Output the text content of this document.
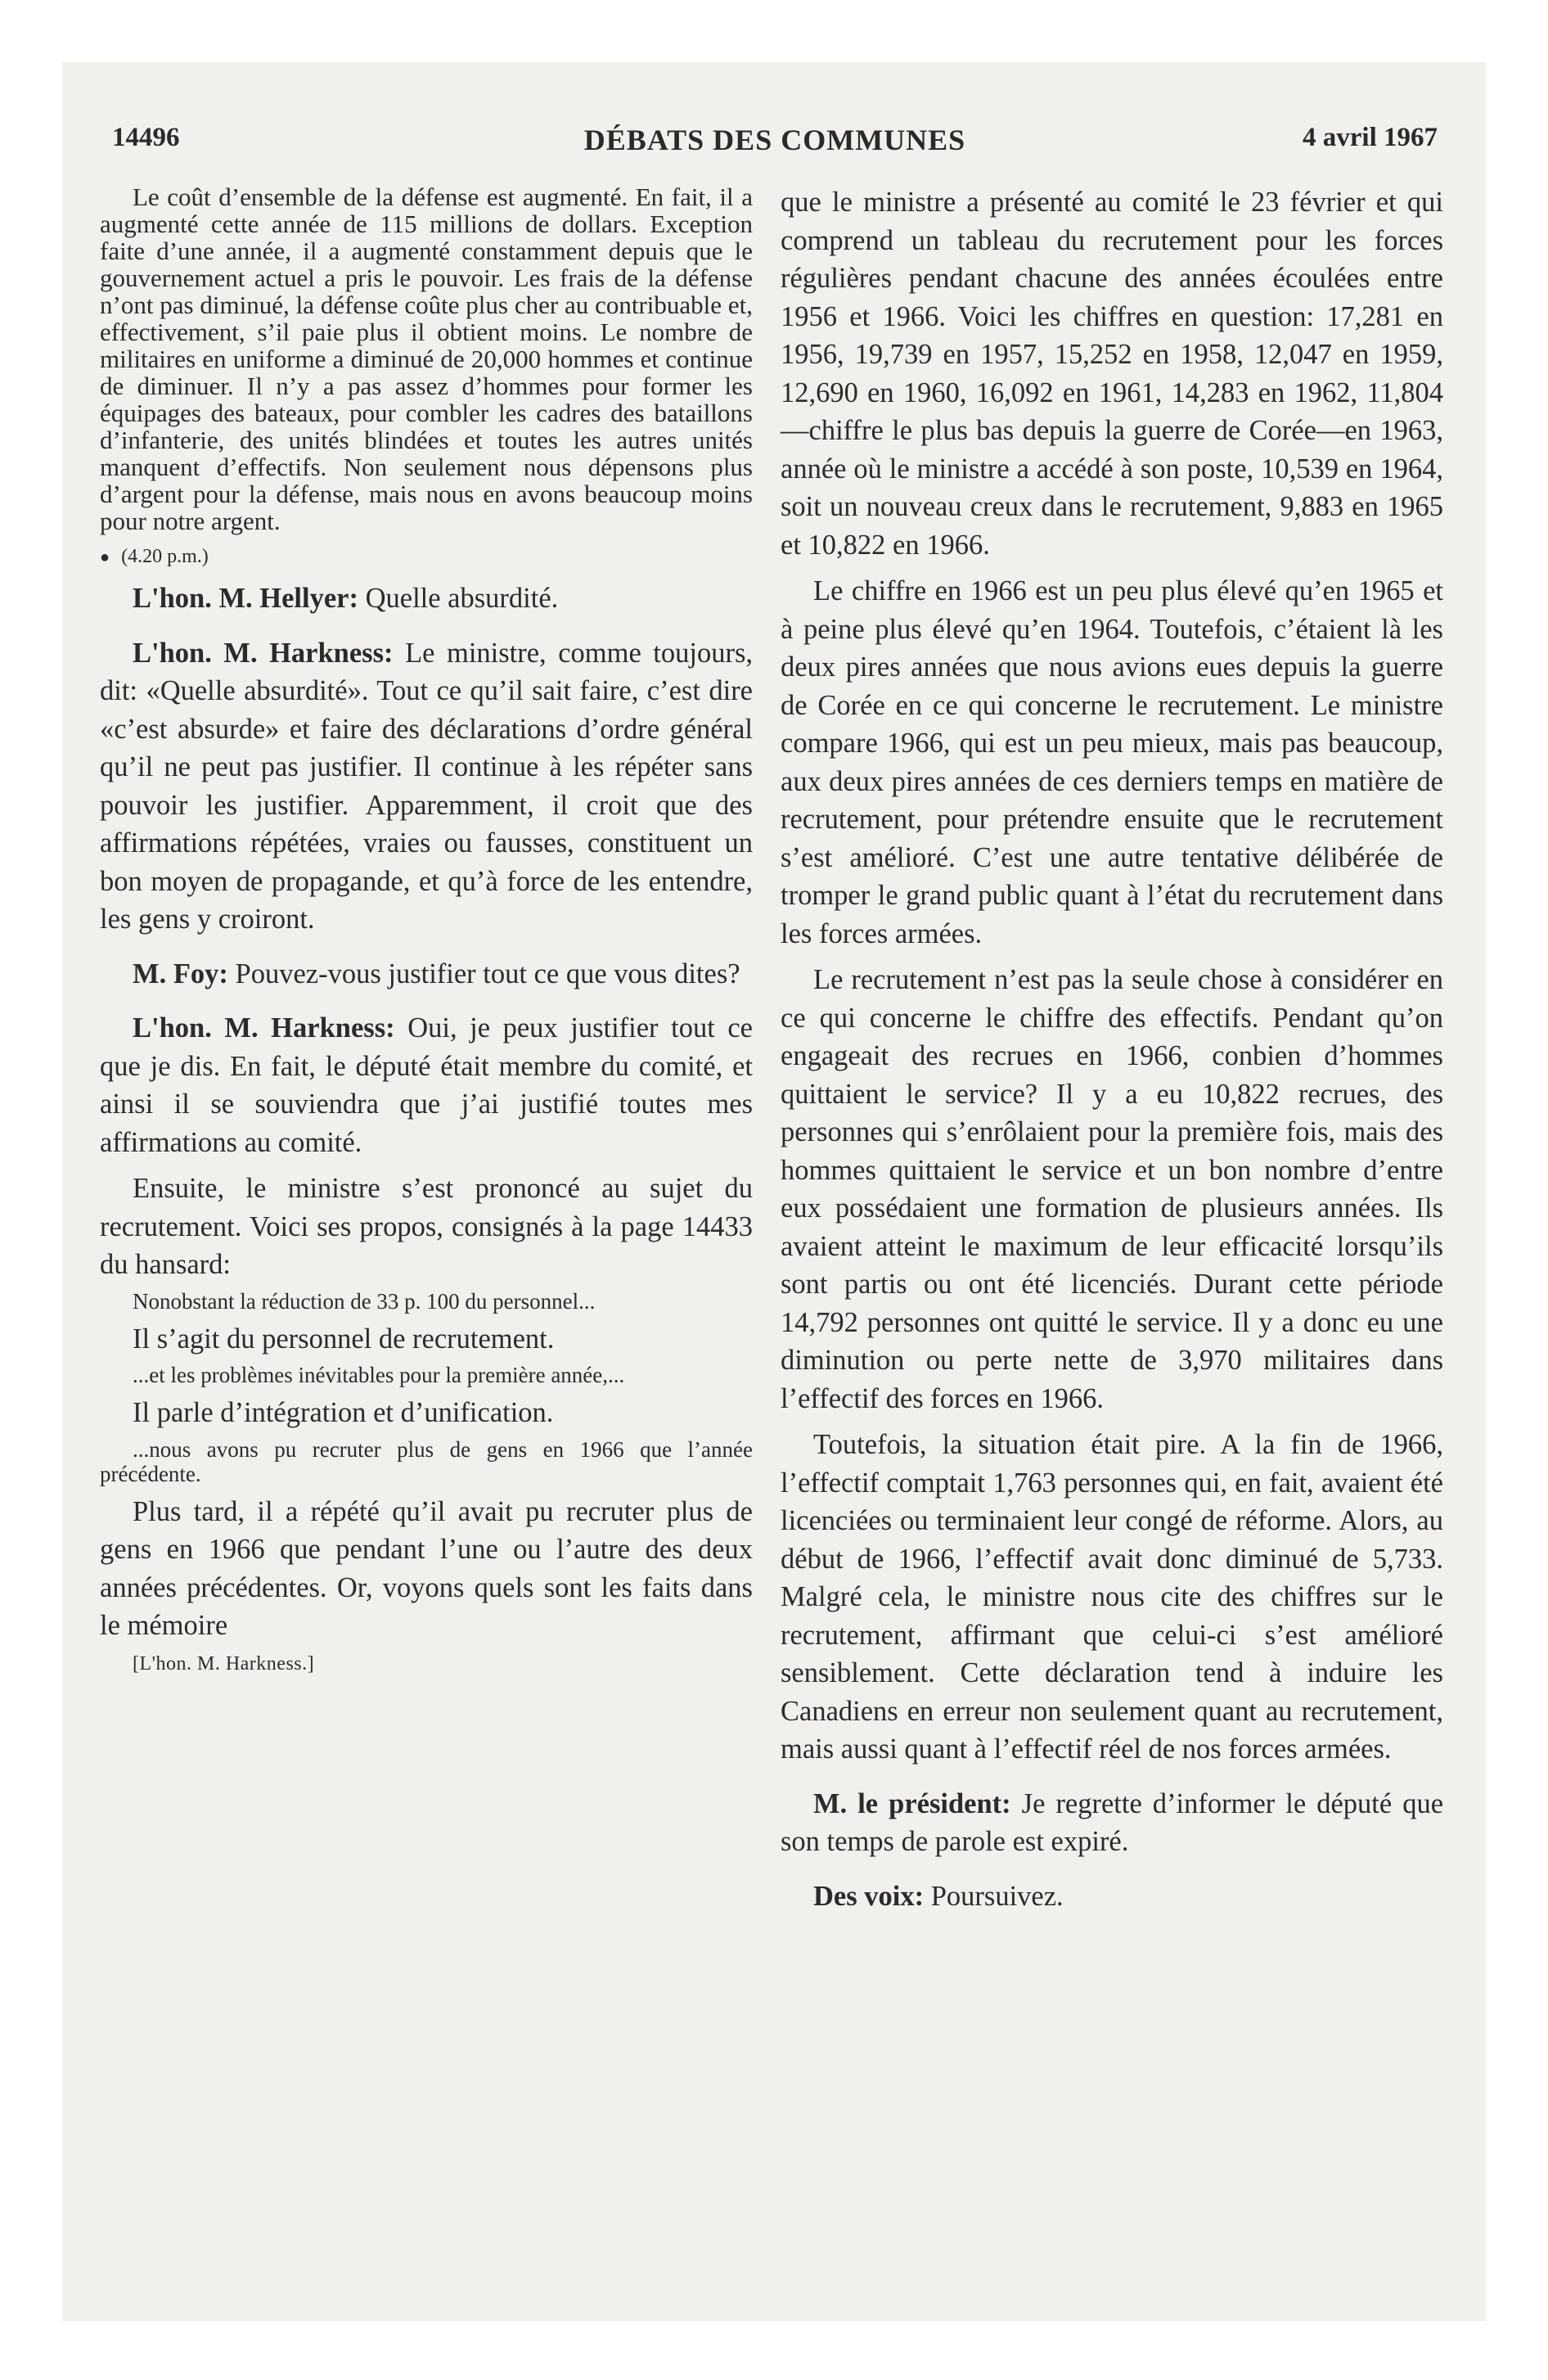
14496	DÉBATS DES COMMUNES	4 avril 1967

Le coût d’ensemble de la défense est augmenté. En fait, il a augmenté cette année de 115 millions de dollars. Exception faite d’une année, il a augmenté constamment depuis que le gouvernement actuel a pris le pouvoir. Les frais de la défense n’ont pas diminué, la défense coûte plus cher au contribuable et, effectivement, s’il paie plus il obtient moins. Le nombre de militaires en uniforme a diminué de 20,000 hommes et continue de diminuer. Il n’y a pas assez d’hommes pour former les équipages des bateaux, pour combler les cadres des bataillons d’infanterie, des unités blindées et toutes les autres unités manquent d’effectifs. Non seulement nous dépensons plus d’argent pour la défense, mais nous en avons beaucoup moins pour notre argent.

● (4.20 p.m.)

L'hon. M. Hellyer: Quelle absurdité.

L'hon. M. Harkness: Le ministre, comme toujours, dit: «Quelle absurdité». Tout ce qu’il sait faire, c’est dire «c’est absurde» et faire des déclarations d’ordre général qu’il ne peut pas justifier. Il continue à les répéter sans pouvoir les justifier. Apparemment, il croit que des affirmations répétées, vraies ou fausses, constituent un bon moyen de propagande, et qu’à force de les entendre, les gens y croiront.

M. Foy: Pouvez-vous justifier tout ce que vous dites?

L'hon. M. Harkness: Oui, je peux justifier tout ce que je dis. En fait, le député était membre du comité, et ainsi il se souviendra que j’ai justifié toutes mes affirmations au comité.

Ensuite, le ministre s’est prononcé au sujet du recrutement. Voici ses propos, consignés à la page 14433 du hansard:

Nonobstant la réduction de 33 p. 100 du personnel...

Il s’agit du personnel de recrutement.

...et les problèmes inévitables pour la première année,...

Il parle d’intégration et d’unification.

...nous avons pu recruter plus de gens en 1966 que l’année précédente.

Plus tard, il a répété qu’il avait pu recruter plus de gens en 1966 que pendant l’une ou l’autre des deux années précédentes. Or, voyons quels sont les faits dans le mémoire

[L'hon. M. Harkness.]

que le ministre a présenté au comité le 23 février et qui comprend un tableau du recrutement pour les forces régulières pendant chacune des années écoulées entre 1956 et 1966. Voici les chiffres en question: 17,281 en 1956, 19,739 en 1957, 15,252 en 1958, 12,047 en 1959, 12,690 en 1960, 16,092 en 1961, 14,283 en 1962, 11,804—chiffre le plus bas depuis la guerre de Corée—en 1963, année où le ministre a accédé à son poste, 10,539 en 1964, soit un nouveau creux dans le recrutement, 9,883 en 1965 et 10,822 en 1966.

Le chiffre en 1966 est un peu plus élevé qu’en 1965 et à peine plus élevé qu’en 1964. Toutefois, c’étaient là les deux pires années que nous avions eues depuis la guerre de Corée en ce qui concerne le recrutement. Le ministre compare 1966, qui est un peu mieux, mais pas beaucoup, aux deux pires années de ces derniers temps en matière de recrutement, pour prétendre ensuite que le recrutement s’est amélioré. C’est une autre tentative délibérée de tromper le grand public quant à l’état du recrutement dans les forces armées.

Le recrutement n’est pas la seule chose à considérer en ce qui concerne le chiffre des effectifs. Pendant qu’on engageait des recrues en 1966, conbien d’hommes quittaient le service? Il y a eu 10,822 recrues, des personnes qui s’enrôlaient pour la première fois, mais des hommes quittaient le service et un bon nombre d’entre eux possédaient une formation de plusieurs années. Ils avaient atteint le maximum de leur efficacité lorsqu’ils sont partis ou ont été licenciés. Durant cette période 14,792 personnes ont quitté le service. Il y a donc eu une diminution ou perte nette de 3,970 militaires dans l’effectif des forces en 1966.

Toutefois, la situation était pire. A la fin de 1966, l’effectif comptait 1,763 personnes qui, en fait, avaient été licenciées ou terminaient leur congé de réforme. Alors, au début de 1966, l’effectif avait donc diminué de 5,733. Malgré cela, le ministre nous cite des chiffres sur le recrutement, affirmant que celui-ci s’est amélioré sensiblement. Cette déclaration tend à induire les Canadiens en erreur non seulement quant au recrutement, mais aussi quant à l’effectif réel de nos forces armées.

M. le président: Je regrette d’informer le député que son temps de parole est expiré.

Des voix: Poursuivez.
